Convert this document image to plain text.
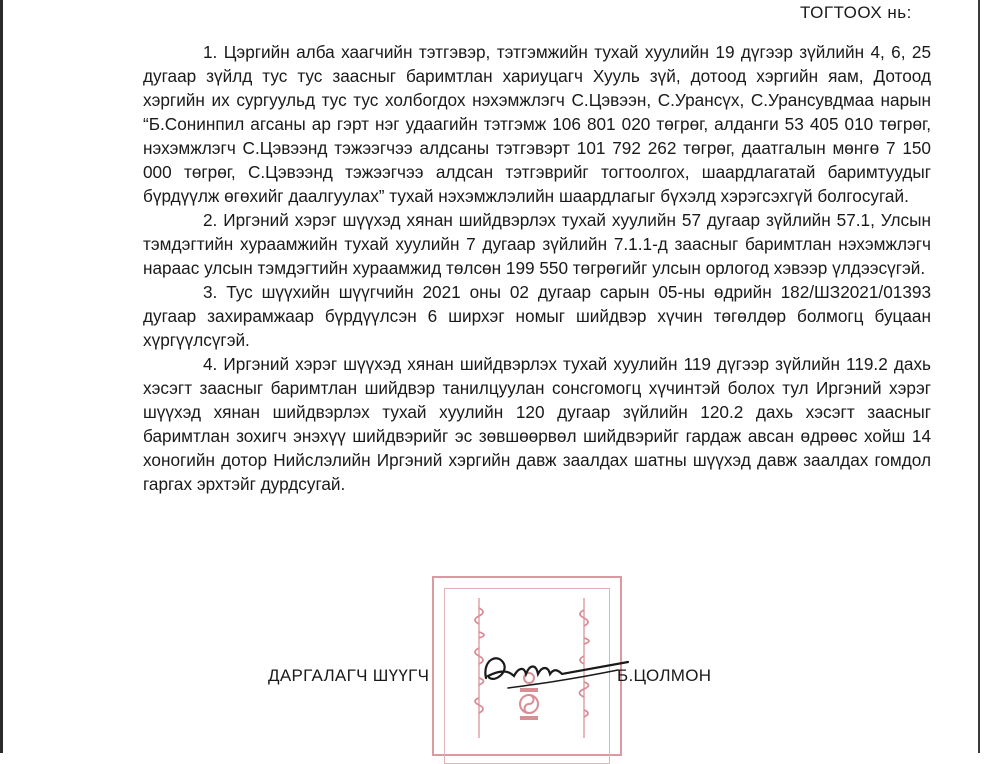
ТОГТООХ нь:

1. Цэргийн алба хаагчийн тэтгэвэр, тэтгэмжийн тухай хуулийн 19 дүгээр зүйлийн 4, 6, 25 дугаар зүйлд тус тус заасныг баримтлан хариуцагч Хууль зүй, дотоод хэргийн яам, Дотоод хэргийн их сургуульд тус тус холбогдох нэхэмжлэгч С.Цэвээн, С.Урансүх, С.Урансувдмаа нарын “Б.Сонинпил агсаны ар гэрт нэг удаагийн тэтгэмж 106 801 020 төгрөг, алданги 53 405 010 төгрөг, нэхэмжлэгч С.Цэвээнд тэжээгчээ алдсаны тэтгэвэрт 101 792 262 төгрөг, даатгалын мөнгө 7 150 000 төгрөг, С.Цэвээнд тэжээгчээ алдсан тэтгэврийг тогтоолгох, шаардлагатай баримтуудыг бүрдүүлж өгөхийг даалгуулах” тухай нэхэмжлэлийн шаардлагыг бүхэлд хэрэгсэхгүй болгосугай.

2. Иргэний хэрэг шүүхэд хянан шийдвэрлэх тухай хуулийн 57 дугаар зүйлийн 57.1, Улсын тэмдэгтийн хураамжийн тухай хуулийн 7 дугаар зүйлийн 7.1.1-д заасныг баримтлан нэхэмжлэгч нараас улсын тэмдэгтийн хураамжид төлсөн 199 550 төгрөгийг улсын орлогод хэвээр үлдээсүгэй.

3. Тус шүүхийн шүүгчийн 2021 оны 02 дугаар сарын 05-ны өдрийн 182/ШЗ2021/01393 дугаар захирамжаар бүрдүүлсэн 6 ширхэг номыг шийдвэр хүчин төгөлдөр болмогц буцаан хүргүүлсүгэй.

4. Иргэний хэрэг шүүхэд хянан шийдвэрлэх тухай хуулийн 119 дүгээр зүйлийн 119.2 дахь хэсэгт заасныг баримтлан шийдвэр танилцуулан сонсгомогц хүчинтэй болох тул Иргэний хэрэг шүүхэд хянан шийдвэрлэх тухай хуулийн 120 дугаар зүйлийн 120.2 дахь хэсэгт заасныг баримтлан зохигч энэхүү шийдвэрийг эс зөвшөөрвөл шийдвэрийг гардаж авсан өдрөөс хойш 14 хоногийн дотор Нийслэлийн Иргэний хэргийн давж заалдах шатны шүүхэд давж заалдах гомдол гаргах эрхтэйг дурдсугай.

ДАРГАЛАГЧ ШҮҮГЧ	Б.ЦОЛМОН
